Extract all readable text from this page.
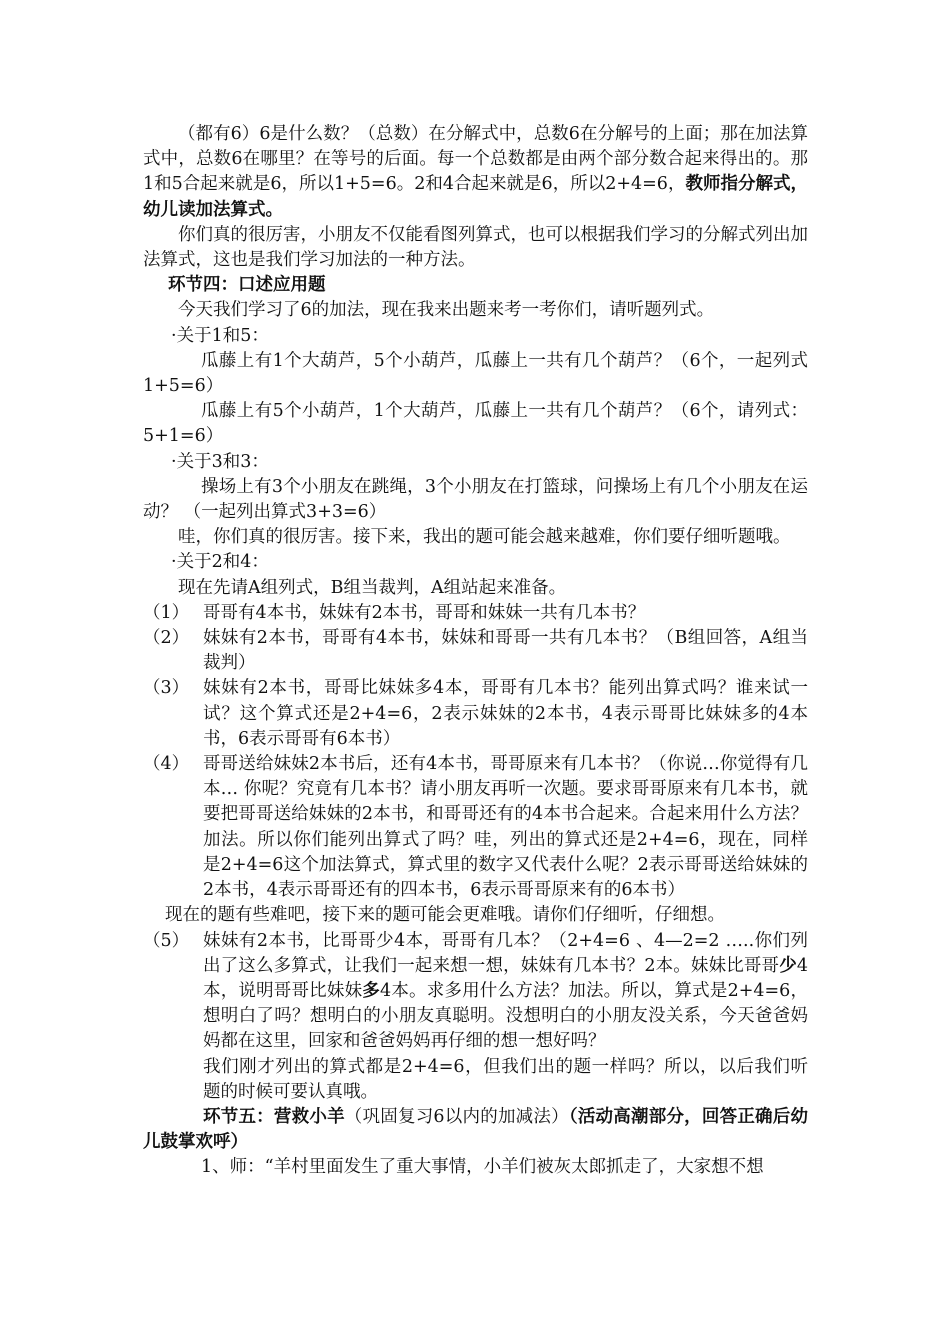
（都有6）6是什么数？（总数）在分解式中，总数6在分解号的上面；那在加法算式中，总数6在哪里？在等号的后面。每一个总数都是由两个部分数合起来得出的。那1和5合起来就是6，所以1+5=6。2和4合起来就是6，所以2+4=6，教师指分解式，幼儿读加法算式。

你们真的很厉害，小朋友不仅能看图列算式，也可以根据我们学习的分解式列出加法算式，这也是我们学习加法的一种方法。

环节四：口述应用题

今天我们学习了6的加法，现在我来出题来考一考你们，请听题列式。

·关于1和5：

瓜藤上有1个大葫芦，5个小葫芦，瓜藤上一共有几个葫芦？（6个，一起列式1+5=6）

瓜藤上有5个小葫芦，1个大葫芦，瓜藤上一共有几个葫芦？（6个，请列式：5+1=6）

·关于3和3：

操场上有3个小朋友在跳绳，3个小朋友在打篮球，问操场上有几个小朋友在运动？ （一起列出算式3+3=6）

哇，你们真的很厉害。接下来，我出的题可能会越来越难，你们要仔细听题哦。

·关于2和4：

现在先请A组列式，B组当裁判，A组站起来准备。

（1） 哥哥有4本书，妹妹有2本书，哥哥和妹妹一共有几本书？
（2） 妹妹有2本书，哥哥有4本书，妹妹和哥哥一共有几本书？（B组回答，A组当裁判）
（3） 妹妹有2本书，哥哥比妹妹多4本，哥哥有几本书？能列出算式吗？谁来试一试？这个算式还是2+4=6，2表示妹妹的2本书，4表示哥哥比妹妹多的4本书，6表示哥哥有6本书）
（4） 哥哥送给妹妹2本书后，还有4本书，哥哥原来有几本书？（你说…你觉得有几本… 你呢？究竟有几本书？请小朋友再听一次题。要求哥哥原来有几本书，就要把哥哥送给妹妹的2本书，和哥哥还有的4本书合起来。合起来用什么方法？加法。所以你们能列出算式了吗？哇，列出的算式还是2+4=6，现在，同样是2+4=6这个加法算式，算式里的数字又代表什么呢？2表示哥哥送给妹妹的2本书，4表示哥哥还有的四本书，6表示哥哥原来有的6本书）

现在的题有些难吧，接下来的题可能会更难哦。请你们仔细听，仔细想。

（5） 妹妹有2本书，比哥哥少4本，哥哥有几本？（2+4=6 、4—2=2 …..你们列出了这么多算式，让我们一起来想一想，妹妹有几本书？2本。妹妹比哥哥少4本，说明哥哥比妹妹多4本。求多用什么方法？加法。所以，算式是2+4=6，想明白了吗？想明白的小朋友真聪明。没想明白的小朋友没关系，今天爸爸妈妈都在这里，回家和爸爸妈妈再仔细的想一想好吗？

我们刚才列出的算式都是2+4=6，但我们出的题一样吗？所以，以后我们听题的时候可要认真哦。

环节五：营救小羊（巩固复习6以内的加减法）（活动高潮部分，回答正确后幼儿鼓掌欢呼）

1、师：“羊村里面发生了重大事情，小羊们被灰太郎抓走了，大家想不想
